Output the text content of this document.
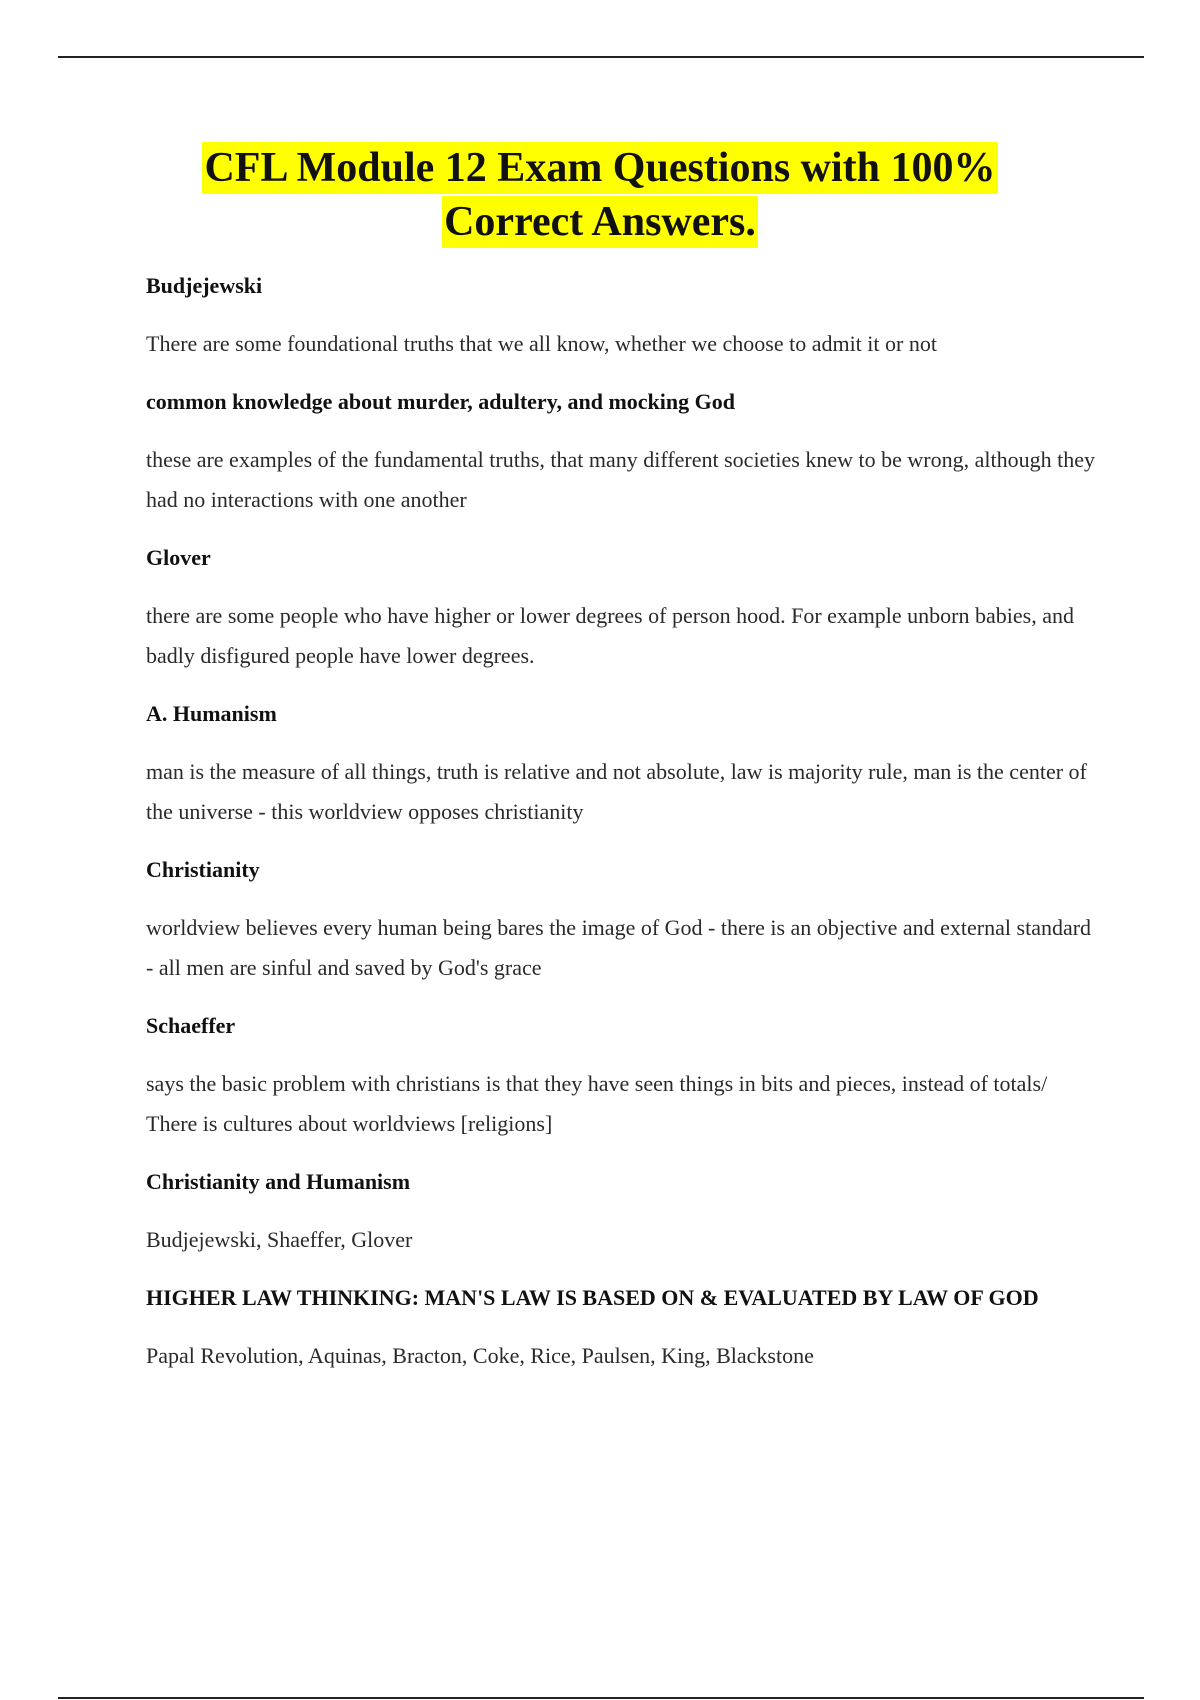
CFL Module 12 Exam Questions with 100%
Correct Answers.

Budjejewski

There are some foundational truths that we all know, whether we choose to admit it or not

common knowledge about murder, adultery, and mocking God

these are examples of the fundamental truths, that many different societies knew to be wrong, although they had no interactions with one another

Glover

there are some people who have higher or lower degrees of person hood. For example unborn babies, and badly disfigured people have lower degrees.

A. Humanism

man is the measure of all things, truth is relative and not absolute, law is majority rule, man is the center of the universe - this worldview opposes christianity

Christianity

worldview believes every human being bares the image of God - there is an objective and external standard - all men are sinful and saved by God's grace

Schaeffer

says the basic problem with christians is that they have seen things in bits and pieces, instead of totals/ There is cultures about worldviews [religions]

Christianity and Humanism

Budjejewski, Shaeffer, Glover

HIGHER LAW THINKING: MAN'S LAW IS BASED ON & EVALUATED BY LAW OF GOD

Papal Revolution, Aquinas, Bracton, Coke, Rice, Paulsen, King, Blackstone
